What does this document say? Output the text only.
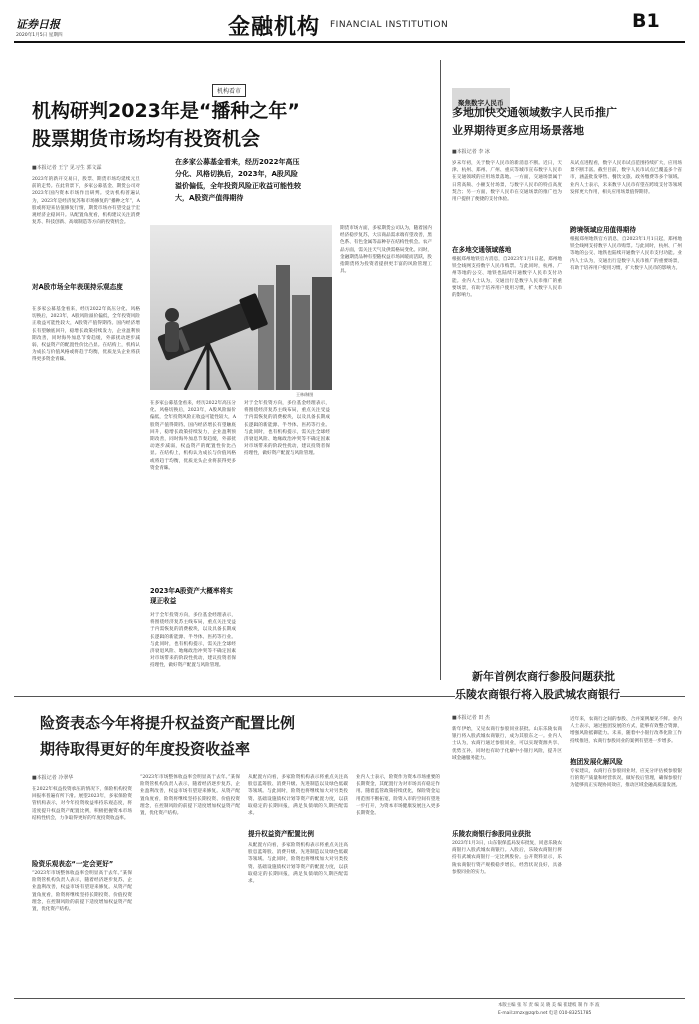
证券日报
2020年1月5日 星期四	金融机构 FINANCIAL INSTITUTION	B1
机构看市
机构研判2023年是“播种之年”
股票期货市场均有投资机会
■本报记者 王宁 见习生 郭文霖
2023年的新开交易日，股票、期货市场均延续元旦前的走势。在此背景下，多家公募基金、期货公司对2023年国内资本市场作出研判。受访机构普遍认为，2023年是经济复苏和市场修复的“播种之年”，A股或将迎来估值修复行情，期货市场亦有望受益于宏观经济企稳回升。从配置角度看，机构建议关注消费复苏、科技创新、高端制造等方向的投资机会。
对A股市场全年表现持乐观态度
在多家公募基金看来，经历2022年高压分化、风格切换后，2023年，A股风险溢价偏低，全年投资风险正收益可能性较大，A股资产值得期待。国内经济增长有望触底回升，稳增长政策持续发力，企业盈利预期改善，同时海外加息节奏趋缓，外部扰动逐步减弱，权益资产的配置性价比凸显。在结构上，机构认为成长与价值风格或将趋于均衡，优质龙头企业将获得更多资金青睐。
在多家公募基金看来，经历2022年高压分化、风格切换后，2023年，A股风险溢价偏低，全年投资风险正收益可能性较大，A股资产值得期待
王林/制图
在多家公募基金看来，经历2022年高压分化、风格切换后，2023年，A股风险溢价偏低，全年投资风险正收益可能性较大，A股资产值得期待。国内经济增长有望触底回升，稳增长政策持续发力，企业盈利预期改善，同时海外加息节奏趋缓，外部扰动逐步减弱，权益资产的配置性价比凸显。在结构上，机构认为成长与价值风格或将趋于均衡，优质龙头企业将获得更多资金青睐。
2023年A股资产大概率将实现正收益
对于全年投资方向，多位基金经理表示，将围绕经济复苏主线布局，重点关注受益于内需恢复的消费板块，以及具备长期成长逻辑的新能源、半导体、医药等行业。与此同时，也有机构提示，需关注全球经济衰退风险、地缘政治冲突等不确定因素对市场带来的阶段性扰动，建议投资者保持理性，做好资产配置与风险管理。
对于全年投资方向，多位基金经理表示，将围绕经济复苏主线布局，重点关注受益于内需恢复的消费板块，以及具备长期成长逻辑的新能源、半导体、医药等行业。与此同时，也有机构提示，需关注全球经济衰退风险、地缘政治冲突等不确定因素对市场带来的阶段性扰动，建议投资者保持理性，做好资产配置与风险管理。
期货市场方面，多家期货公司认为，随着国内经济稳步复苏，大宗商品需求端有望改善，黑色系、有色金属等品种存在结构性机会。农产品方面，需关注天气及供需格局变化。同时，金融期货品种有望随权益市场回暖而活跃，股指期货将为投资者提供更丰富的风险管理工具。
聚焦数字人民币
多地加快交通领域数字人民币推广
业界期待更多应用场景落地
■本报记者 李 冰
岁末年初，关于数字人民币的新消息不断。近日，天津、杭州、郑州、广州、重庆等城市宣布数字人民币在交通领域的应用场景落地。一方面，交通场景属于日常高频、小额支付场景，与数字人民币的特点高度契合；另一方面，数字人民币在交通场景的推广也为用户提供了便捷的支付体验。
在多地交通领域落地
根据郑州地铁官方消息，自2023年1月1日起，郑州地铁全线网支持数字人民币购票。与此同时，杭州、广州等地的公交、地铁也陆续开通数字人民币支付功能。业内人士认为，交通出行是数字人民币推广的重要场景，有助于培养用户使用习惯，扩大数字人民币的影响力。
从试点进程看，数字人民币试点范围持续扩大，应用场景不断丰富。截至目前，数字人民币试点已覆盖多个省市，涵盖批发零售、餐饮文旅、政务缴费等多个领域。业内人士表示，未来数字人民币有望在跨境支付等领域发挥更大作用，相关应用场景值得期待。
跨境领域应用值得期待
根据郑州地铁官方消息，自2023年1月1日起，郑州地铁全线网支持数字人民币购票。与此同时，杭州、广州等地的公交、地铁也陆续开通数字人民币支付功能。业内人士认为，交通出行是数字人民币推广的重要场景，有助于培养用户使用习惯，扩大数字人民币的影响力。
新年首例农商行参股问题获批
乐陵农商银行将入股武城农商银行
■本报记者 田 杰
新年伊始，又见农商行参股同业获批。山东乐陵农商银行将入股武城农商银行，成为其股东之一。业内人士认为，农商行通过参股同业，可以实现资源共享、优势互补，同时也有助于化解中小银行风险，提升区域金融服务能力。
乐陵农商银行参股同业获批
2023年1月3日，山东银保监局发布批复，同意乐陵农商银行入股武城农商银行。入股后，乐陵农商银行将持有武城农商银行一定比例股份。公开资料显示，乐陵农商银行资产规模稳步增长，经营状况良好，具备参股同业的实力。
近年来，农商行之间的参股、合并案例屡见不鲜。业内人士表示，通过抱团发展的方式，能够有效整合资源，增强风险抵御能力。未来，随着中小银行改革化险工作持续推进，农商行参股同业的案例有望进一步增多。
抱团发展化解风险
专家建议，农商行在参股同业时，应充分评估被参股银行的资产质量和经营状况，做好投后管理，确保参股行为能够真正实现协同效应，推动区域金融高质量发展。
险资表态今年将提升权益资产配置比例
期待取得更好的年度投资收益率
■本报记者 冷翠华
在2022年权益投资承压的情况下，保险机构投资回报率普遍有所下滑。展望2023年，多家保险资管机构表示，对今年投资收益率持乐观态度，将适度提升权益资产配置比例，积极把握资本市场结构性机会，力争取得更好的年度投资收益率。
险资乐观表态“一定会更好”
“2023年市场整体收益率会明显高于去年。”某保险资管机构负责人表示，随着经济逐步复苏，企业盈利改善，权益市场有望迎来修复。从资产配置角度看，险资将继续坚持长期投资、价值投资理念，在控制风险的前提下适度增加权益资产配置，优化资产结构。
“2023年市场整体收益率会明显高于去年。”某保险资管机构负责人表示，随着经济逐步复苏，企业盈利改善，权益市场有望迎来修复。从资产配置角度看，险资将继续坚持长期投资、价值投资理念，在控制风险的前提下适度增加权益资产配置，优化资产结构。
提升权益资产配置比例
从配置方向看，多家险资机构表示将重点关注高股息蓝筹股、消费升级、先进制造以及绿色低碳等领域。与此同时，险资也将继续加大对另类投资、基础设施债权计划等资产的配置力度，以获取稳定的长期回报，满足负债端的久期匹配需求。
从配置方向看，多家险资机构表示将重点关注高股息蓝筹股、消费升级、先进制造以及绿色低碳等领域。与此同时，险资也将继续加大对另类投资、基础设施债权计划等资产的配置力度，以获取稳定的长期回报，满足负债端的久期匹配需求。
业内人士表示，险资作为资本市场重要的长期资金，其配置行为对市场具有稳定作用。随着监管政策持续优化，保险资金运用范围不断拓宽，险资入市的空间有望进一步打开，为资本市场健康发展注入更多长期资金。
本版主编 张 军 责 编 吴 晓 美 编 崔建岐 制 作 李 波
E-mail:zmzx@zqrb.net 电话 010-83251785
